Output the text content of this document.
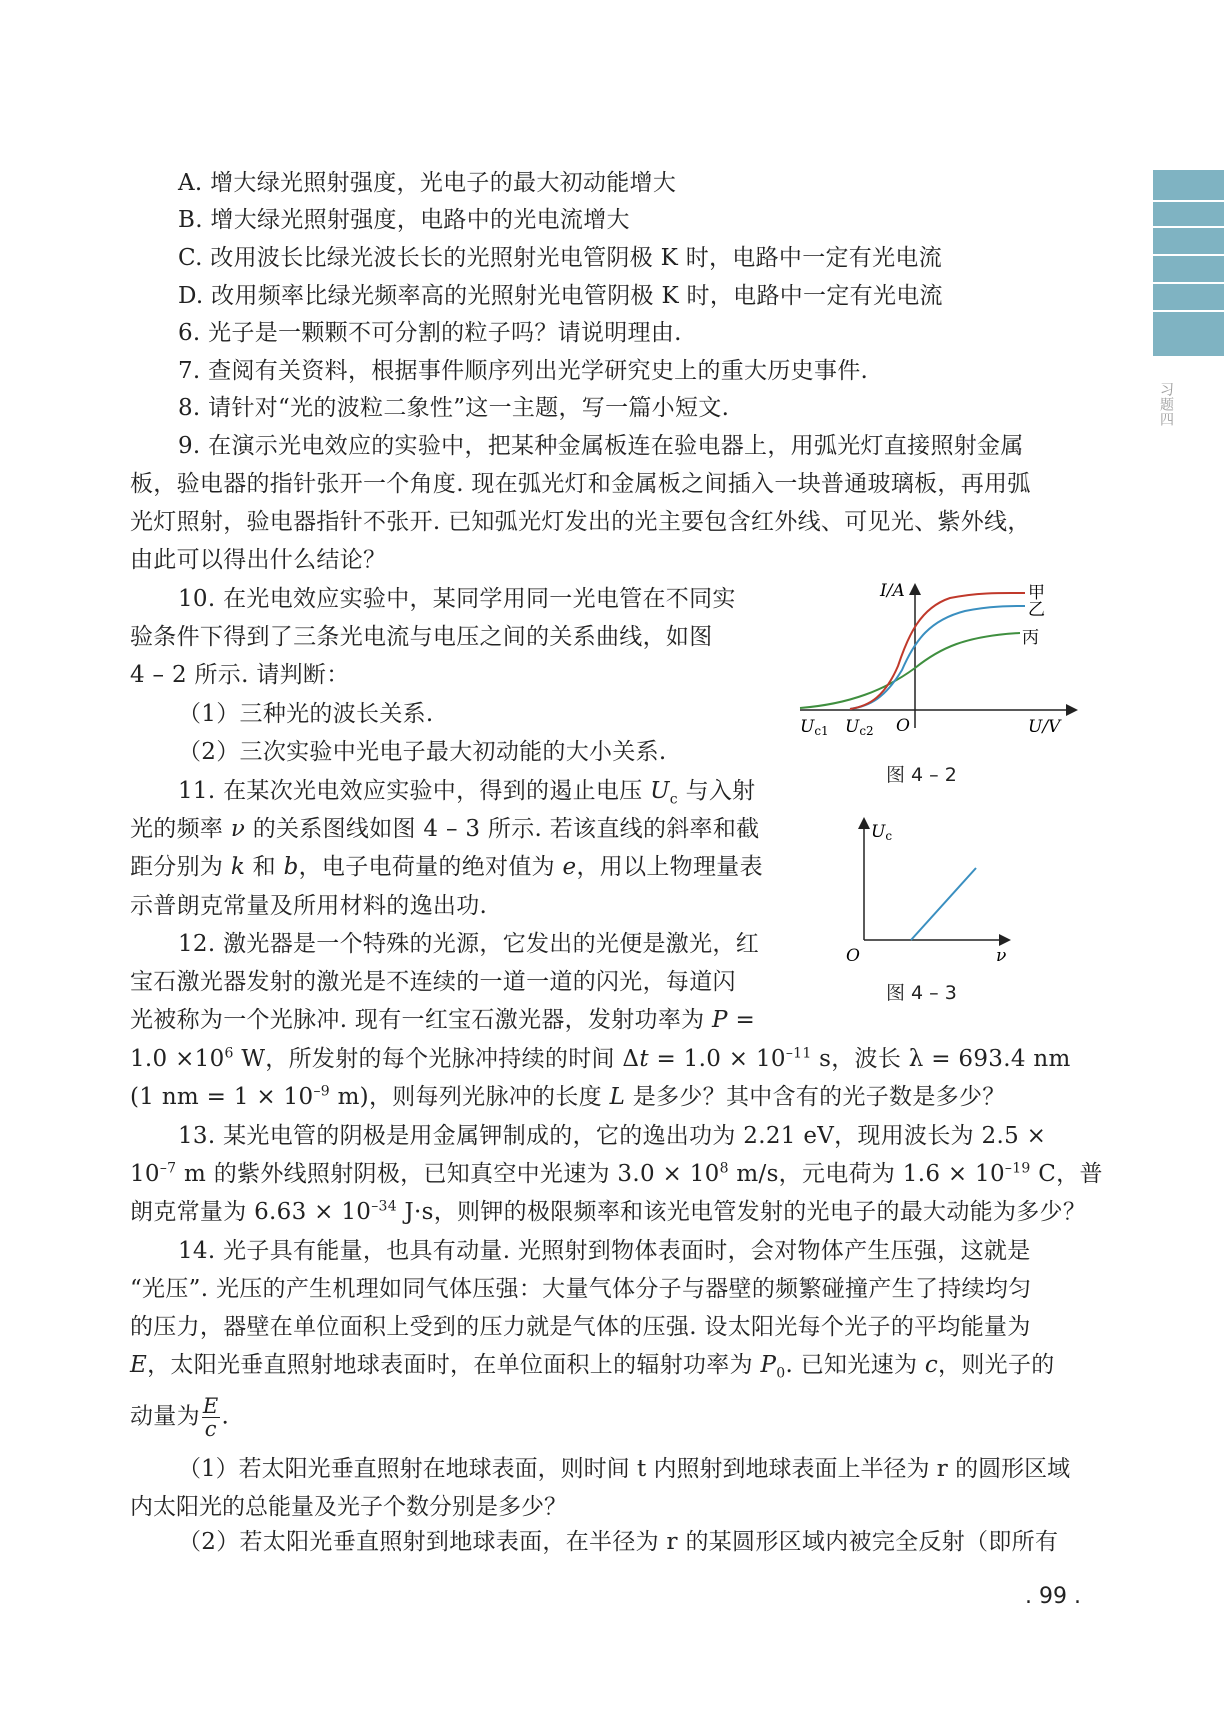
习题四
A. 增大绿光照射强度，光电子的最大初动能增大
B. 增大绿光照射强度，电路中的光电流增大
C. 改用波长比绿光波长长的光照射光电管阴极 K 时，电路中一定有光电流
D. 改用频率比绿光频率高的光照射光电管阴极 K 时，电路中一定有光电流
6. 光子是一颗颗不可分割的粒子吗？请说明理由.
7. 查阅有关资料，根据事件顺序列出光学研究史上的重大历史事件.
8. 请针对“光的波粒二象性”这一主题，写一篇小短文.
9. 在演示光电效应的实验中，把某种金属板连在验电器上，用弧光灯直接照射金属
板，验电器的指针张开一个角度. 现在弧光灯和金属板之间插入一块普通玻璃板，再用弧
光灯照射，验电器指针不张开. 已知弧光灯发出的光主要包含红外线、可见光、紫外线，
由此可以得出什么结论？
10. 在光电效应实验中，某同学用同一光电管在不同实
验条件下得到了三条光电流与电压之间的关系曲线，如图
4 – 2 所示. 请判断：
（1）三种光的波长关系.
（2）三次实验中光电子最大初动能的大小关系.
11. 在某次光电效应实验中，得到的遏止电压 $U_c$ 与入射
光的频率 ν 的关系图线如图 4 – 3 所示. 若该直线的斜率和截
距分别为 k 和 b，电子电荷量的绝对值为 e，用以上物理量表
示普朗克常量及所用材料的逸出功.
12. 激光器是一个特殊的光源，它发出的光便是激光，红
宝石激光器发射的激光是不连续的一道一道的闪光，每道闪
光被称为一个光脉冲. 现有一红宝石激光器，发射功率为 P =
$1.0 \times 10^6$ W，所发射的每个光脉冲持续的时间 $\Delta t = 1.0 \times 10^{-11}$ s，波长 λ = 693.4 nm
(1 nm = $1 \times 10^{-9}$ m)，则每列光脉冲的长度 L 是多少？其中含有的光子数是多少？
13. 某光电管的阴极是用金属钾制成的，它的逸出功为 2.21 eV，现用波长为 2.5 ×
$10^{-7}$ m 的紫外线照射阴极，已知真空中光速为 $3.0 \times 10^8$ m/s，元电荷为 $1.6 \times 10^{-19}$ C，普
朗克常量为 $6.63 \times 10^{-34}$ J·s，则钾的极限频率和该光电管发射的光电子的最大动能为多少？
14. 光子具有能量，也具有动量. 光照射到物体表面时，会对物体产生压强，这就是
“光压”. 光压的产生机理如同气体压强：大量气体分子与器壁的频繁碰撞产生了持续均匀
的压力，器壁在单位面积上受到的压力就是气体的压强. 设太阳光每个光子的平均能量为
E，太阳光垂直照射地球表面时，在单位面积上的辐射功率为 $P_0$. 已知光速为 c，则光子的
动量为 $\frac{E}{c}$ .
（1）若太阳光垂直照射在地球表面，则时间 t 内照射到地球表面上半径为 r 的圆形区域内太阳光的总能量及光子个数分别是多少？
（2）若太阳光垂直照射到地球表面，在半径为 r 的某圆形区域内被完全反射（即所有
I/A	甲
乙
丙
Uc1 Uc2 O	U/V
图 4 – 2
Uc
O	ν
图 4 – 3
. 99 .
